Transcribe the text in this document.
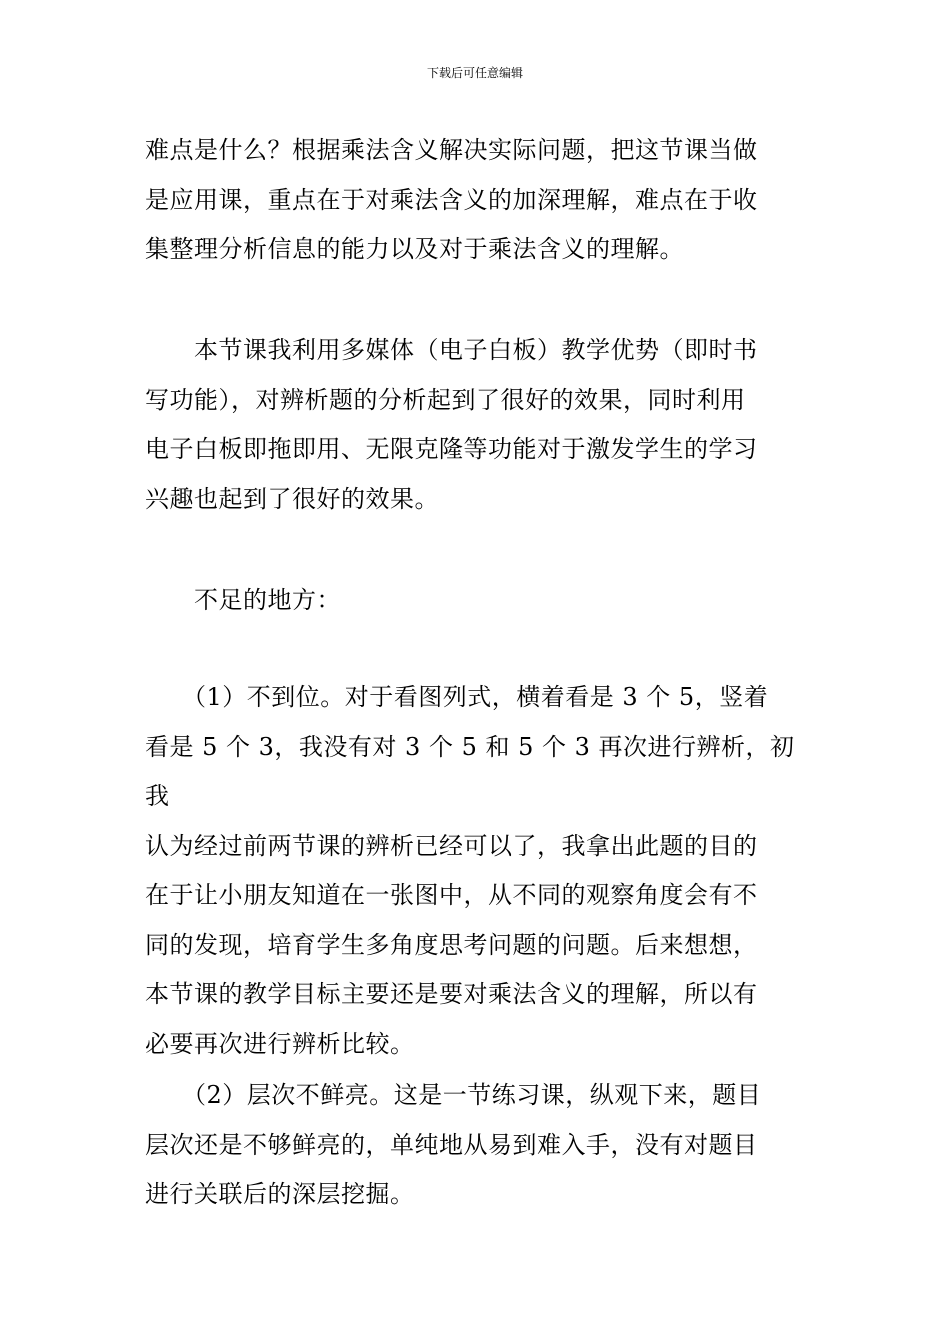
下载后可任意编辑
难点是什么？根据乘法含义解决实际问题，把这节课当做
是应用课，重点在于对乘法含义的加深理解，难点在于收
集整理分析信息的能力以及对于乘法含义的理解。
　　本节课我利用多媒体（电子白板）教学优势（即时书
写功能），对辨析题的分析起到了很好的效果，同时利用
电子白板即拖即用、无限克隆等功能对于激发学生的学习
兴趣也起到了很好的效果。
　　不足的地方：
　　（1）不到位。对于看图列式，横着看是 3 个 5，竖着
看是 5 个 3，我没有对 3 个 5 和 5 个 3 再次进行辨析，初我
认为经过前两节课的辨析已经可以了，我拿出此题的目的
在于让小朋友知道在一张图中，从不同的观察角度会有不
同的发现，培育学生多角度思考问题的问题。后来想想，
本节课的教学目标主要还是要对乘法含义的理解，所以有
必要再次进行辨析比较。
　　（2）层次不鲜亮。这是一节练习课，纵观下来，题目
层次还是不够鲜亮的，单纯地从易到难入手，没有对题目
进行关联后的深层挖掘。
